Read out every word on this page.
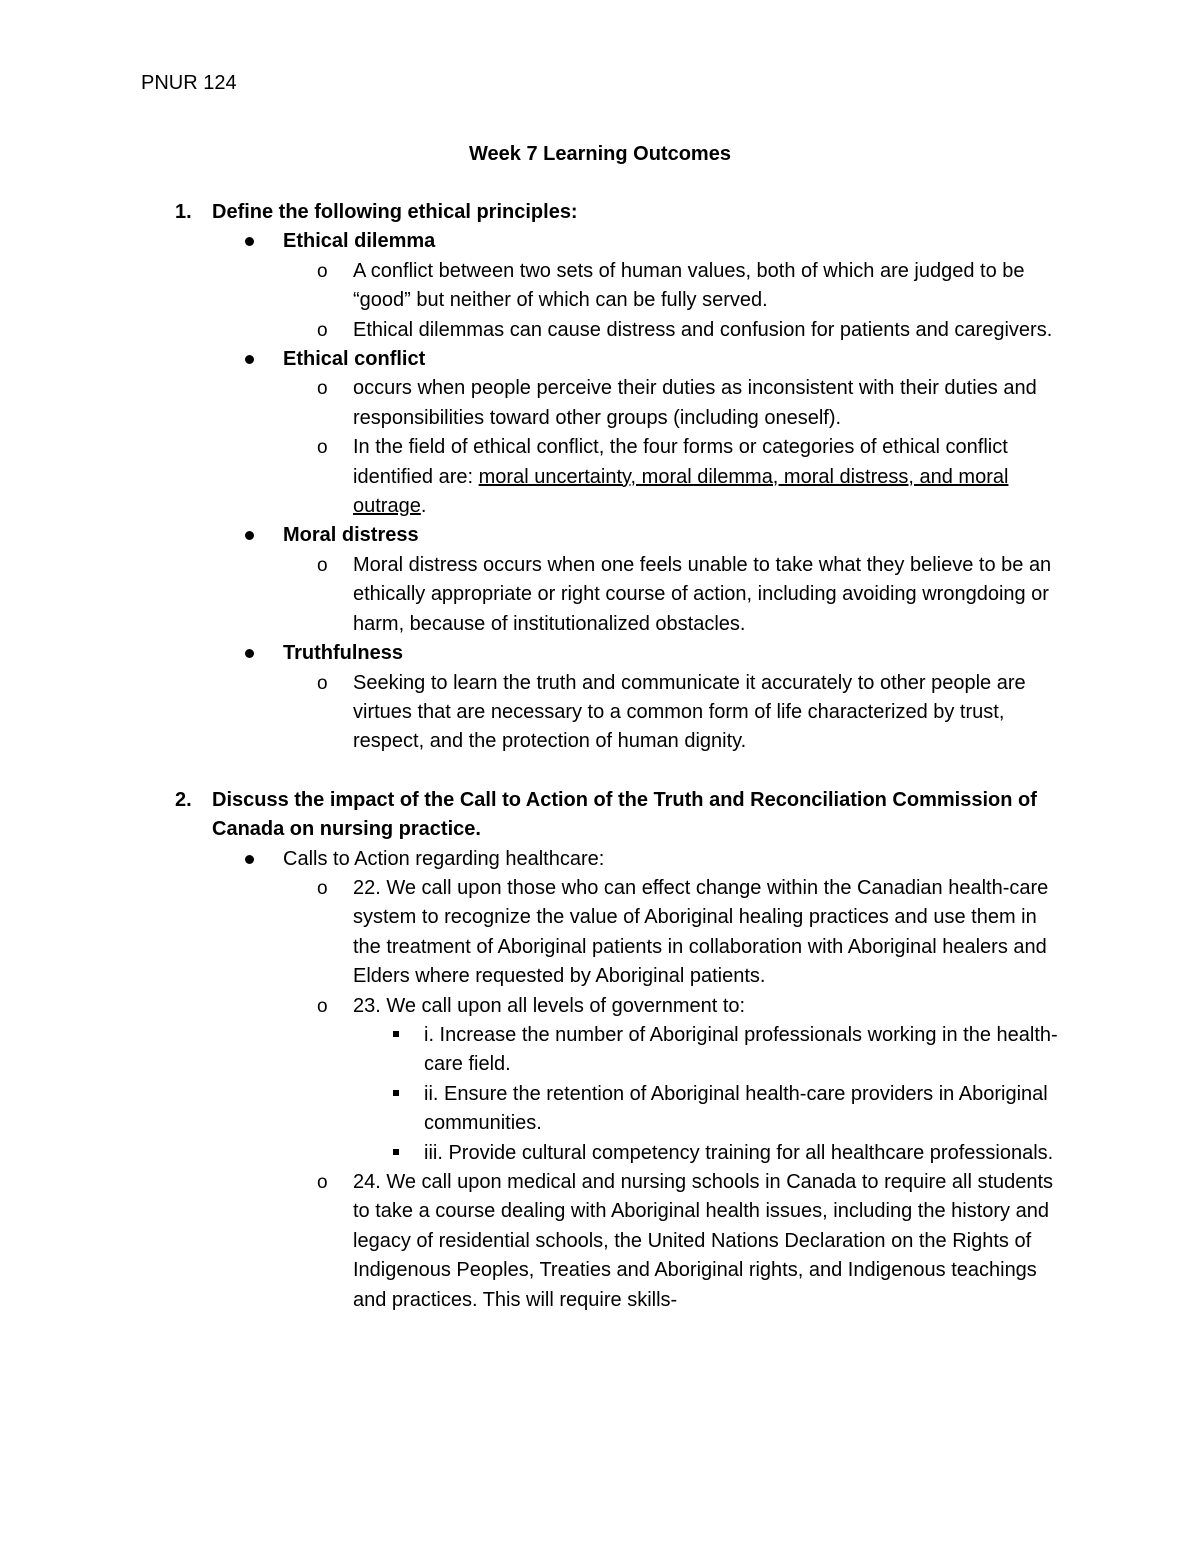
PNUR 124
Week 7 Learning Outcomes
1. Define the following ethical principles:
Ethical dilemma
o A conflict between two sets of human values, both of which are judged to be “good” but neither of which can be fully served.
o Ethical dilemmas can cause distress and confusion for patients and caregivers.
Ethical conflict
o occurs when people perceive their duties as inconsistent with their duties and responsibilities toward other groups (including oneself).
o In the field of ethical conflict, the four forms or categories of ethical conflict identified are: moral uncertainty, moral dilemma, moral distress, and moral outrage.
Moral distress
o Moral distress occurs when one feels unable to take what they believe to be an ethically appropriate or right course of action, including avoiding wrongdoing or harm, because of institutionalized obstacles.
Truthfulness
o Seeking to learn the truth and communicate it accurately to other people are virtues that are necessary to a common form of life characterized by trust, respect, and the protection of human dignity.
2. Discuss the impact of the Call to Action of the Truth and Reconciliation Commission of Canada on nursing practice.
Calls to Action regarding healthcare:
o 22. We call upon those who can effect change within the Canadian health-care system to recognize the value of Aboriginal healing practices and use them in the treatment of Aboriginal patients in collaboration with Aboriginal healers and Elders where requested by Aboriginal patients.
o 23. We call upon all levels of government to:
i. Increase the number of Aboriginal professionals working in the health-care field.
ii. Ensure the retention of Aboriginal health-care providers in Aboriginal communities.
iii. Provide cultural competency training for all healthcare professionals.
o 24. We call upon medical and nursing schools in Canada to require all students to take a course dealing with Aboriginal health issues, including the history and legacy of residential schools, the United Nations Declaration on the Rights of Indigenous Peoples, Treaties and Aboriginal rights, and Indigenous teachings and practices. This will require skills-
